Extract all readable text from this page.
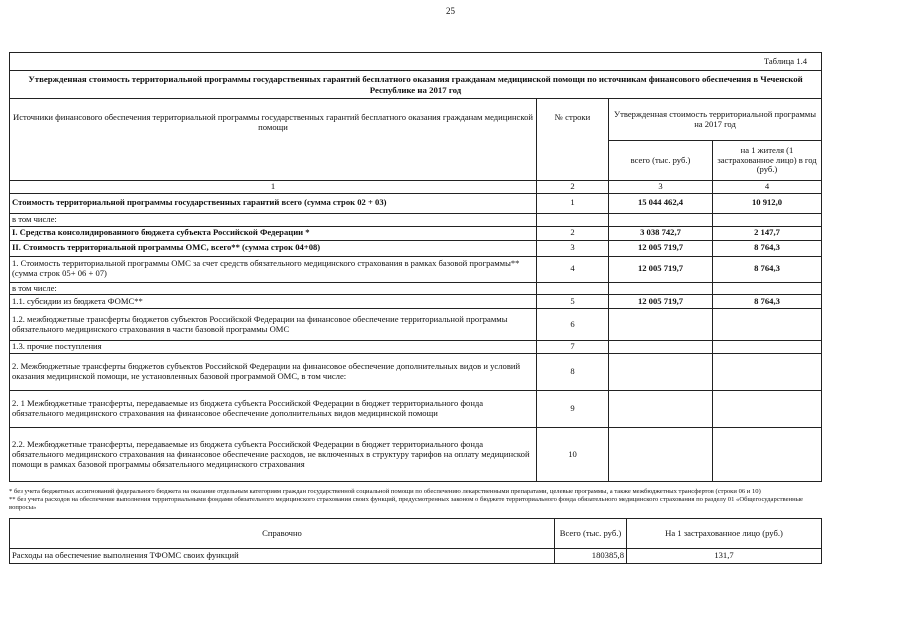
25
Таблица 1.4			
Утвержденная стоимость территориальной программы государственных гарантий бесплатного оказания гражданам медицинской помощи по источникам финансового обеспечения в Чеченской Республике на 2017 год			
Источники финансового обеспечения территориальной программы государственных гарантий бесплатного оказания гражданам медицинской помощи	№ строки	Утвержденная стоимость территориальной программы на 2017 год	
		всего (тыс. руб.)	на 1 жителя (1 застрахованное лицо) в год (руб.)
1	2	3	4
Стоимость территориальной программы государственных гарантий всего (сумма строк 02 + 03)	1	15 044 462,4	10 912,0
в том числе:			
I. Средства консолидированного бюджета субъекта Российской Федерации *	2	3 038 742,7	2 147,7
II. Стоимость территориальной программы ОМС, всего** (сумма строк 04+08)	3	12 005 719,7	8 764,3
1. Стоимость территориальной программы ОМС за счет средств обязательного медицинского страхования в рамках базовой программы** (сумма строк 05+ 06 + 07)	4	12 005 719,7	8 764,3
в том числе:			
1.1. субсидии из бюджета ФОМС**	5	12 005 719,7	8 764,3
1.2. межбюджетные трансферты бюджетов субъектов Российской Федерации на финансовое обеспечение территориальной программы обязательного медицинского страхования в части базовой программы ОМС	6		
1.3. прочие поступления	7		
2. Межбюджетные трансферты бюджетов субъектов Российской Федерации на финансовое обеспечение дополнительных видов и условий оказания медицинской помощи, не установленных базовой программой ОМС, в том числе:	8		
2. 1 Межбюджетные трансферты, передаваемые из бюджета субъекта Российской Федерации в бюджет территориального фонда обязательного медицинского страхования на финансовое обеспечение дополнительных видов медицинской помощи	9		
2.2. Межбюджетные трансферты, передаваемые из бюджета субъекта Российской Федерации в бюджет территориального фонда обязательного медицинского страхования на финансовое обеспечение расходов, не включенных в структуру тарифов на оплату медицинской помощи в рамках базовой программы обязательного медицинского страхования	10		
* без учета бюджетных ассигнований федерального бюджета на оказание отдельным категориям граждан государственной социальной помощи по обеспечению лекарственными препаратами, целевые программы, а также межбюджетных трансфертов (строки 06 и 10)
** без учета расходов на обеспечение выполнения территориальными фондами обязательного медицинского страхования своих функций, предусмотренных законом о бюджете территориального фонда обязательного медицинского страхования по разделу 01 «Общегосударственные вопросы»
Справочно	Всего (тыс. руб.)	На 1 застрахованное лицо (руб.)
Расходы на обеспечение выполнения ТФОМС своих функций	180385,8	131,7
